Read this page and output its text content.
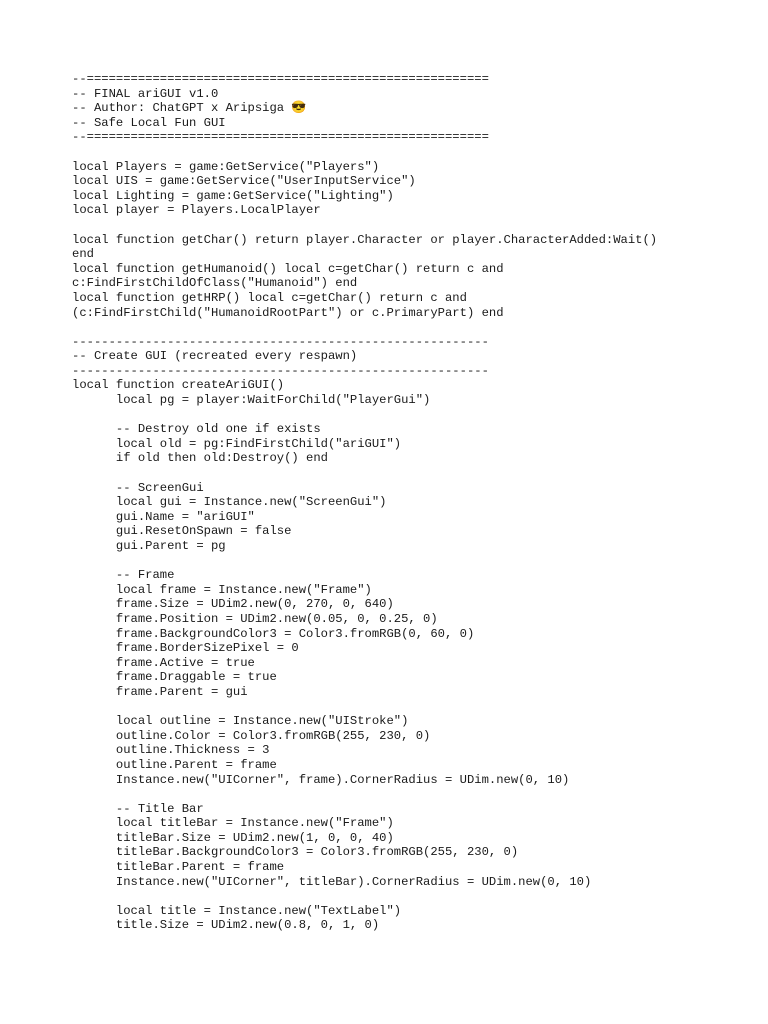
--=======================================================
-- FINAL ariGUI v1.0
-- Author: ChatGPT x Aripsiga 😎
-- Safe Local Fun GUI
--=======================================================
local Players = game:GetService("Players")
local UIS = game:GetService("UserInputService")
local Lighting = game:GetService("Lighting")
local player = Players.LocalPlayer
local function getChar() return player.Character or player.CharacterAdded:Wait()
end
local function getHumanoid() local c=getChar() return c and
c:FindFirstChildOfClass("Humanoid") end
local function getHRP() local c=getChar() return c and
(c:FindFirstChild("HumanoidRootPart") or c.PrimaryPart) end
---------------------------------------------------------
-- Create GUI (recreated every respawn)
---------------------------------------------------------
local function createAriGUI()
local pg = player:WaitForChild("PlayerGui")
-- Destroy old one if exists
local old = pg:FindFirstChild("ariGUI")
if old then old:Destroy() end
-- ScreenGui
local gui = Instance.new("ScreenGui")
gui.Name = "ariGUI"
gui.ResetOnSpawn = false
gui.Parent = pg
-- Frame
local frame = Instance.new("Frame")
frame.Size = UDim2.new(0, 270, 0, 640)
frame.Position = UDim2.new(0.05, 0, 0.25, 0)
frame.BackgroundColor3 = Color3.fromRGB(0, 60, 0)
frame.BorderSizePixel = 0
frame.Active = true
frame.Draggable = true
frame.Parent = gui
local outline = Instance.new("UIStroke")
outline.Color = Color3.fromRGB(255, 230, 0)
outline.Thickness = 3
outline.Parent = frame
Instance.new("UICorner", frame).CornerRadius = UDim.new(0, 10)
-- Title Bar
local titleBar = Instance.new("Frame")
titleBar.Size = UDim2.new(1, 0, 0, 40)
titleBar.BackgroundColor3 = Color3.fromRGB(255, 230, 0)
titleBar.Parent = frame
Instance.new("UICorner", titleBar).CornerRadius = UDim.new(0, 10)
local title = Instance.new("TextLabel")
title.Size = UDim2.new(0.8, 0, 1, 0)
